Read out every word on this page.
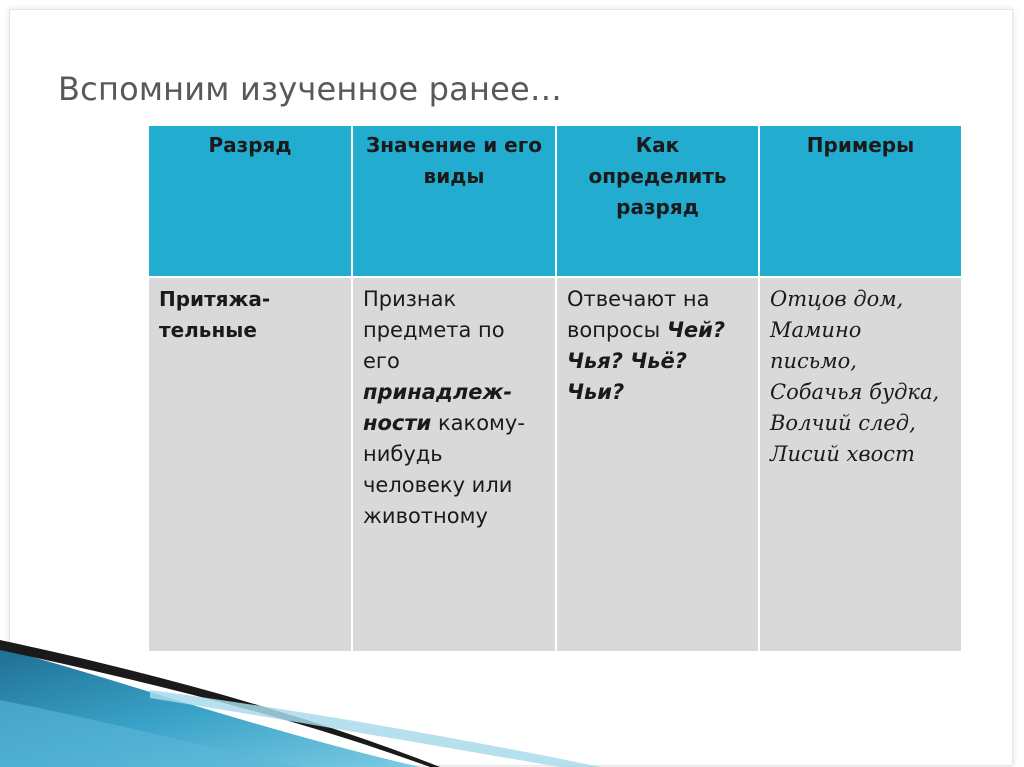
Вспомним изученное ранее…
Разряд	Значение и его виды	Как определить разряд	Примеры
Притяжа-тельные	Признак предмета по его принадлеж-ности какому-нибудь человеку или животному	Отвечают на вопросы Чей? Чья? Чьё? Чьи?	Отцов дом, Мамино письмо, Собачья будка, Волчий след, Лисий хвост
